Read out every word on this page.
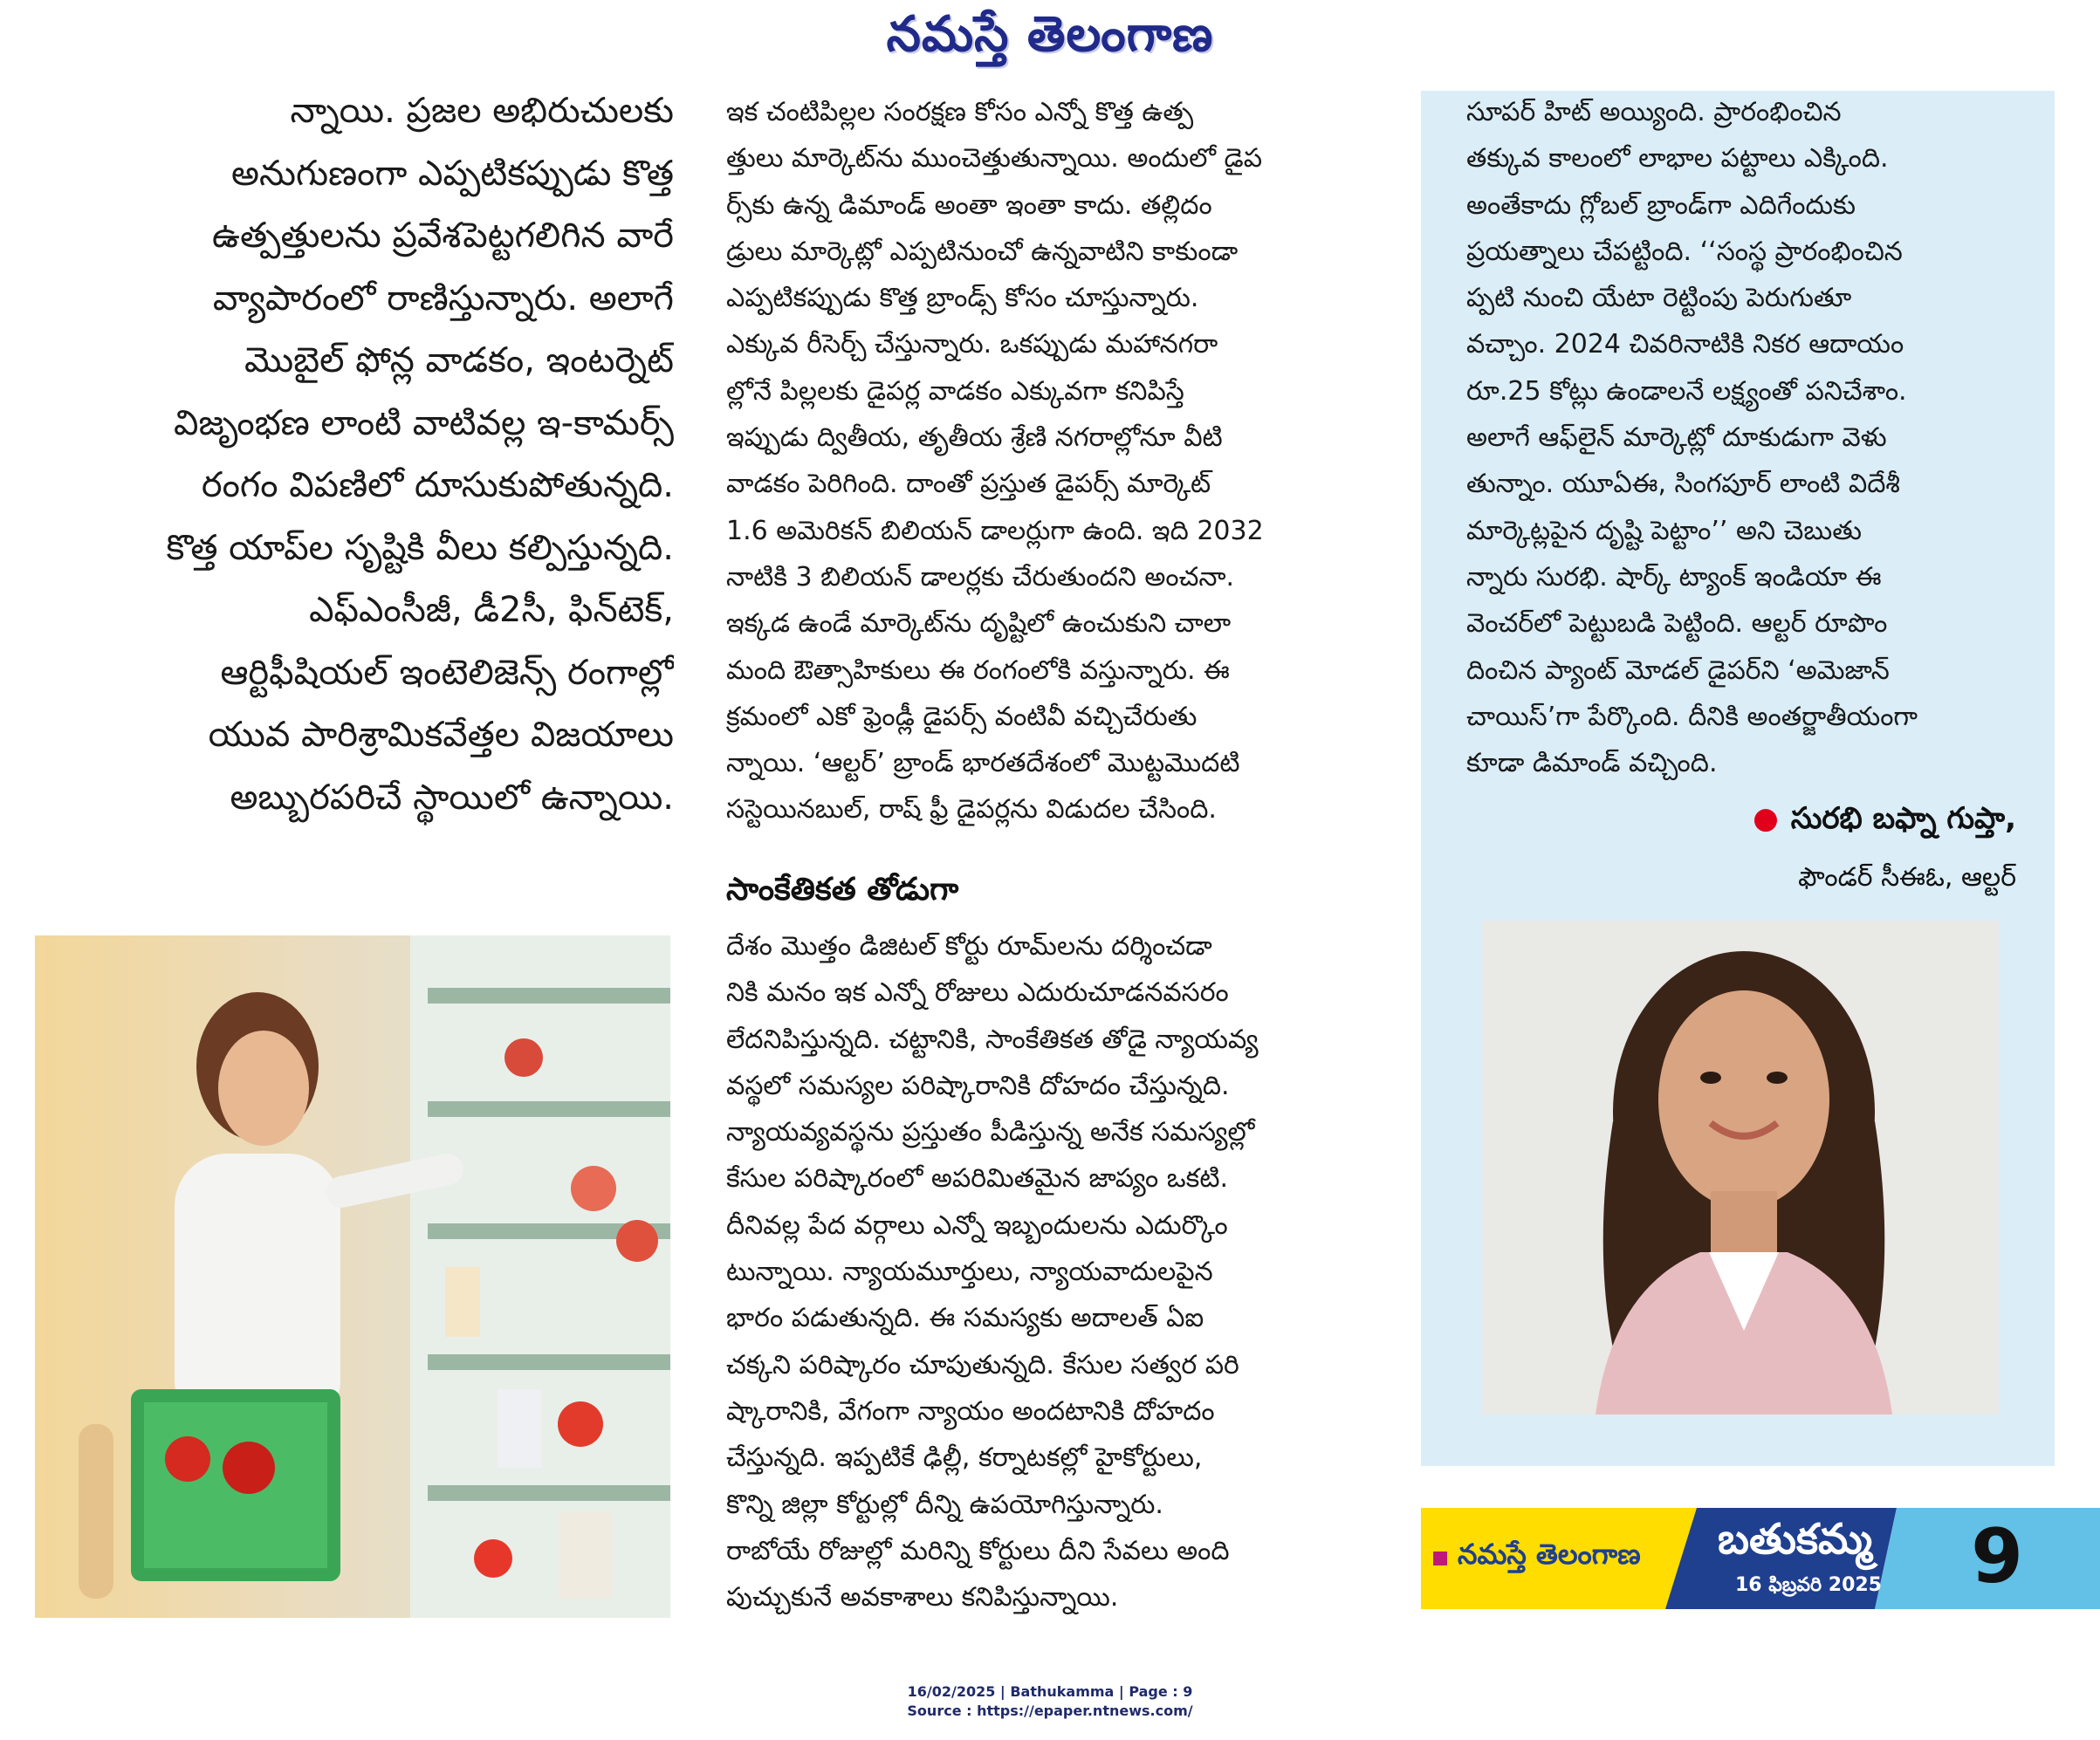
నమస్తే తెలంగాణ
న్నాయి. ప్రజల అభిరుచులకు
అనుగుణంగా ఎప్పటికప్పుడు కొత్త
ఉత్పత్తులను ప్రవేశపెట్టగలిగిన వారే
వ్యాపారంలో రాణిస్తున్నారు. అలాగే
మొబైల్ ఫోన్ల వాడకం, ఇంటర్నెట్
విజృంభణ లాంటి వాటివల్ల ఇ-కామర్స్
రంగం విపణిలో దూసుకుపోతున్నది.
కొత్త యాప్‌ల సృష్టికి వీలు కల్పిస్తున్నది.
ఎఫ్ఎంసీజీ, డీ2సీ, ఫిన్‌టెక్,
ఆర్టిఫీషియల్ ఇంటెలిజెన్స్ రంగాల్లో
యువ పారిశ్రామికవేత్తల విజయాలు
అబ్బురపరిచే స్థాయిలో ఉన్నాయి.
ఇక చంటిపిల్లల సంరక్షణ కోసం ఎన్నో కొత్త ఉత్ప
త్తులు మార్కెట్‌ను ముంచెత్తుతున్నాయి. అందులో డైప
ర్స్‌కు ఉన్న డిమాండ్ అంతా ఇంతా కాదు. తల్లిదం
డ్రులు మార్కెట్లో ఎప్పటినుంచో ఉన్నవాటిని కాకుండా
ఎప్పటికప్పుడు కొత్త బ్రాండ్స్ కోసం చూస్తున్నారు.
ఎక్కువ రీసెర్చ్ చేస్తున్నారు. ఒకప్పుడు మహానగరా
ల్లోనే పిల్లలకు డైపర్ల వాడకం ఎక్కువగా కనిపిస్తే
ఇప్పుడు ద్వితీయ, తృతీయ శ్రేణి నగరాల్లోనూ వీటి
వాడకం పెరిగింది. దాంతో ప్రస్తుత డైపర్స్ మార్కెట్
1.6 అమెరికన్ బిలియన్ డాలర్లుగా ఉంది. ఇది 2032
నాటికి 3 బిలియన్ డాలర్లకు చేరుతుందని అంచనా.
ఇక్కడ ఉండే మార్కెట్‌ను దృష్టిలో ఉంచుకుని చాలా
మంది ఔత్సాహికులు ఈ రంగంలోకి వస్తున్నారు. ఈ
క్రమంలో ఎకో ఫ్రెండ్లీ డైపర్స్ వంటివీ వచ్చిచేరుతు
న్నాయి. ‘ఆల్టర్’ బ్రాండ్ భారతదేశంలో మొట్టమొదటి
సస్టెయినబుల్, రాష్ ఫ్రీ డైపర్లను విడుదల చేసింది.
సాంకేతికత తోడుగా
దేశం మొత్తం డిజిటల్ కోర్టు రూమ్‌లను దర్శించడా
నికి మనం ఇక ఎన్నో రోజులు ఎదురుచూడనవసరం
లేదనిపిస్తున్నది. చట్టానికి, సాంకేతికత తోడై న్యాయవ్య
వస్థలో సమస్యల పరిష్కారానికి దోహదం చేస్తున్నది.
న్యాయవ్యవస్థను ప్రస్తుతం పీడిస్తున్న అనేక సమస్యల్లో
కేసుల పరిష్కారంలో అపరిమితమైన జాప్యం ఒకటి.
దీనివల్ల పేద వర్గాలు ఎన్నో ఇబ్బందులను ఎదుర్కొం
టున్నాయి. న్యాయమూర్తులు, న్యాయవాదులపైన
భారం పడుతున్నది. ఈ సమస్యకు అదాలత్ ఏఐ
చక్కని పరిష్కారం చూపుతున్నది. కేసుల సత్వర పరి
ష్కారానికి, వేగంగా న్యాయం అందటానికి దోహదం
చేస్తున్నది. ఇప్పటికే ఢిల్లీ, కర్నాటకల్లో హైకోర్టులు,
కొన్ని జిల్లా కోర్టుల్లో దీన్ని ఉపయోగిస్తున్నారు.
రాబోయే రోజుల్లో మరిన్ని కోర్టులు దీని సేవలు అంది
పుచ్చుకునే అవకాశాలు కనిపిస్తున్నాయి.
సూపర్ హిట్ అయ్యింది. ప్రారంభించిన
తక్కువ కాలంలో లాభాల పట్టాలు ఎక్కింది.
అంతేకాదు గ్లోబల్ బ్రాండ్‌గా ఎదిగేందుకు
ప్రయత్నాలు చేపట్టింది. ‘‘సంస్థ ప్రారంభించిన
ప్పటి నుంచి యేటా రెట్టింపు పెరుగుతూ
వచ్చాం. 2024 చివరినాటికి నికర ఆదాయం
రూ.25 కోట్లు ఉండాలనే లక్ష్యంతో పనిచేశాం.
అలాగే ఆఫ్‌లైన్ మార్కెట్లో దూకుడుగా వెళు
తున్నాం. యూఏఈ, సింగపూర్ లాంటి విదేశీ
మార్కెట్లపైన దృష్టి పెట్టాం’’ అని చెబుతు
న్నారు సురభి. షార్క్ ట్యాంక్ ఇండియా ఈ
వెంచర్‌లో పెట్టుబడి పెట్టింది. ఆల్టర్ రూపొం
దించిన ప్యాంట్ మోడల్ డైపర్‌ని ‘అమెజాన్
చాయిస్’గా పేర్కొంది. దీనికి అంతర్జాతీయంగా
కూడా డిమాండ్ వచ్చింది.
● సురభి బఫ్నా గుప్తా,
ఫౌండర్ సీఈఓ, ఆల్టర్
నమస్తే తెలంగాణ	బతుకమ్మ
16 ఫిబ్రవరి 2025 9
16/02/2025 | Bathukamma | Page : 9
Source : https://epaper.ntnews.com/
